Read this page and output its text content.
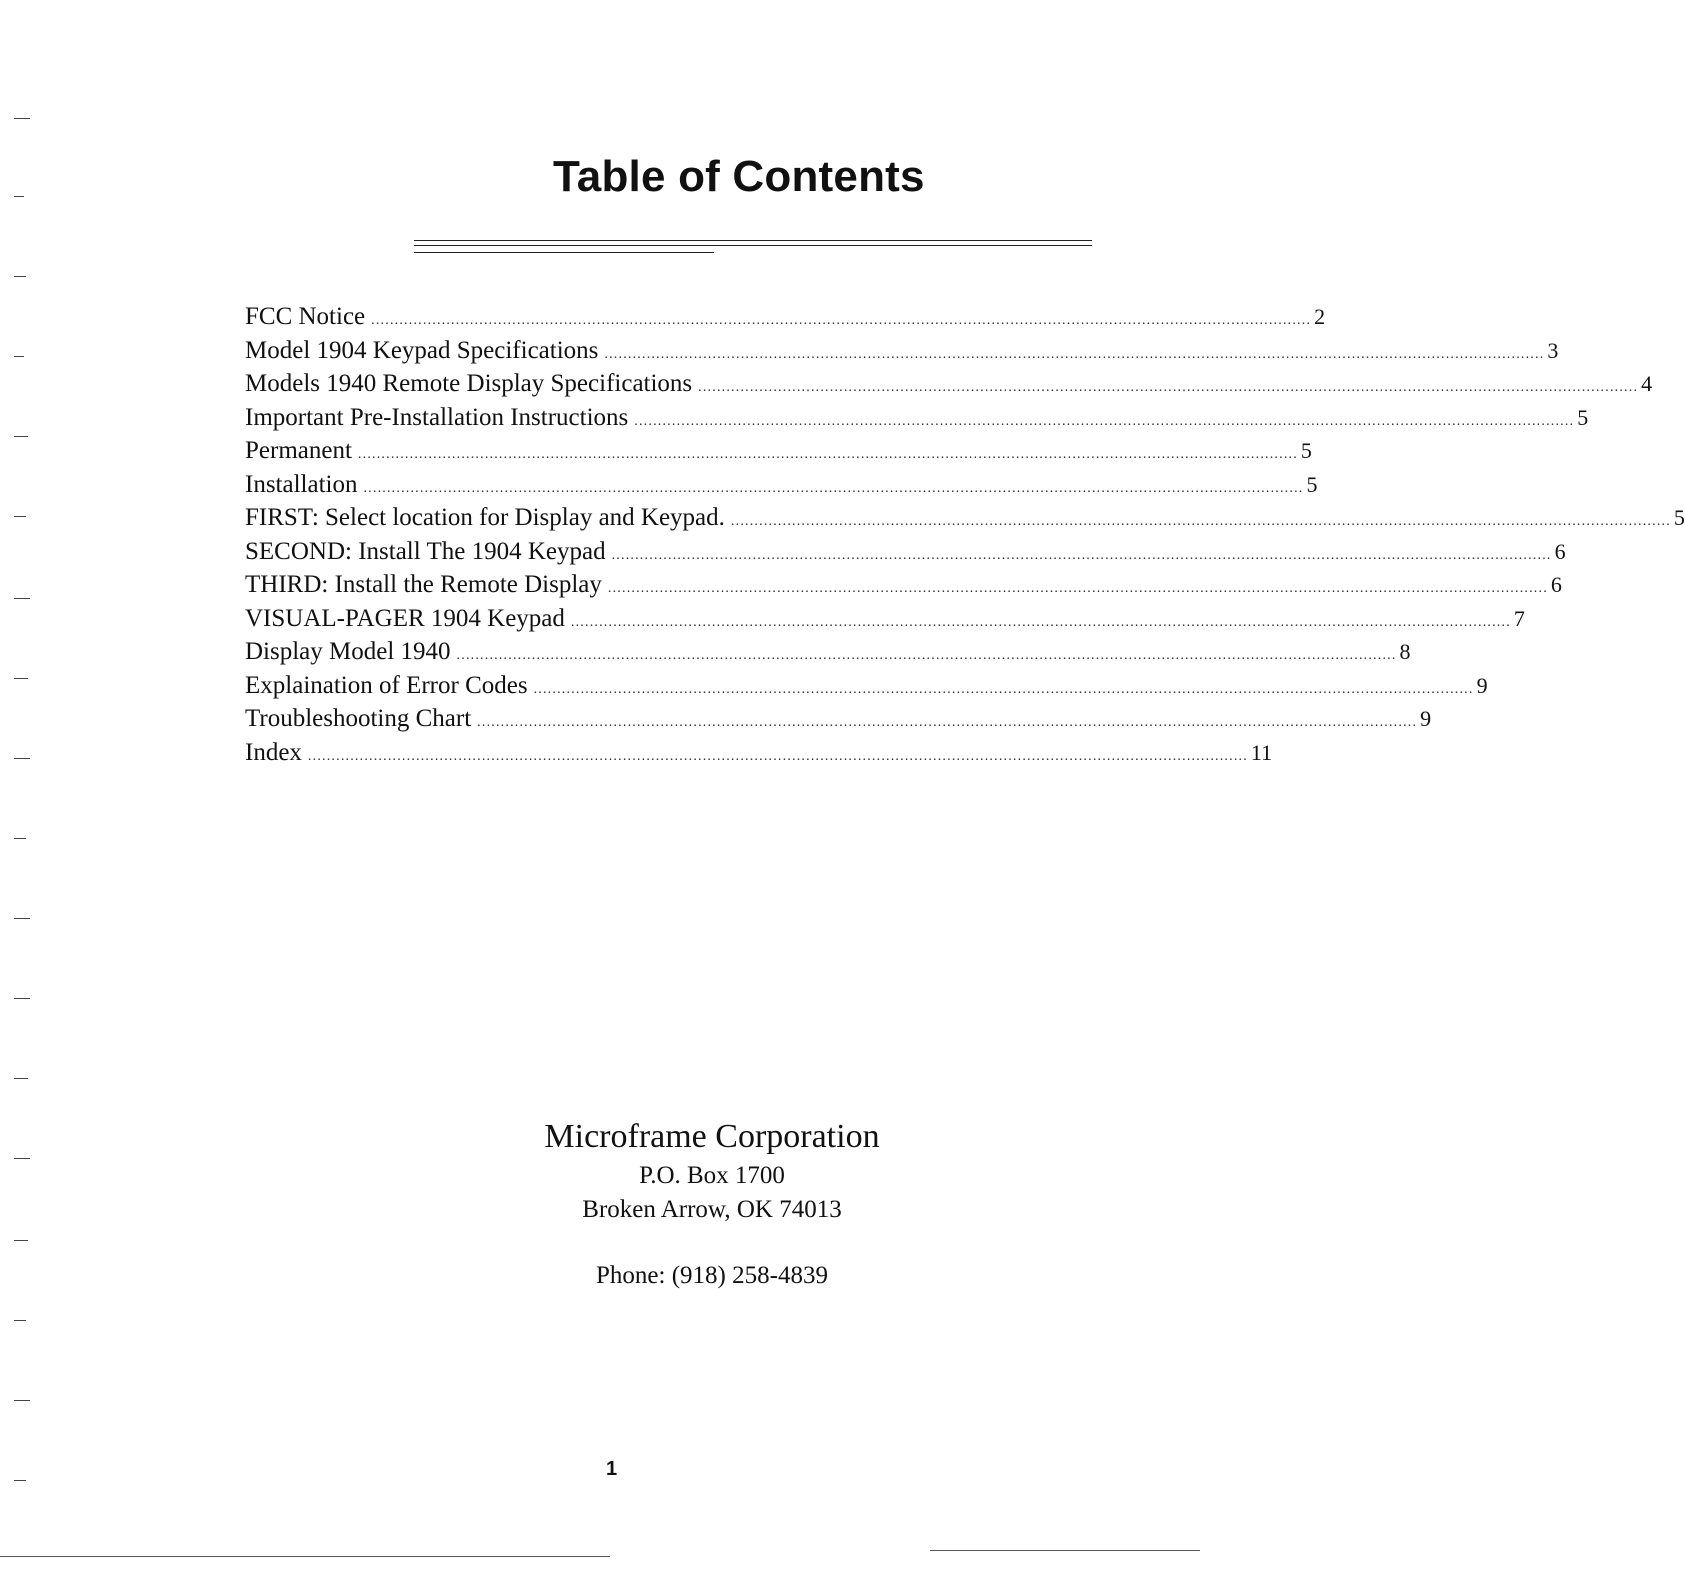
Table of Contents
FCC Notice ........................................................................................................................................................................................................ 2
Model 1904 Keypad Specifications ........................................................................................................................................................................................................ 3
Models 1940 Remote Display Specifications ........................................................................................................................................................................................................ 4
Important Pre-Installation Instructions ........................................................................................................................................................................................................ 5
Permanent ........................................................................................................................................................................................................ 5
Installation ........................................................................................................................................................................................................ 5
FIRST: Select location for Display and Keypad. ........................................................................................................................................................................................................ 5
SECOND: Install The 1904 Keypad ........................................................................................................................................................................................................ 6
THIRD: Install the Remote Display ........................................................................................................................................................................................................ 6
VISUAL-PAGER 1904 Keypad ........................................................................................................................................................................................................ 7
Display Model 1940 ........................................................................................................................................................................................................ 8
Explaination of Error Codes ........................................................................................................................................................................................................ 9
Troubleshooting Chart ........................................................................................................................................................................................................ 9
Index ........................................................................................................................................................................................................ 11
Microframe Corporation
P.O. Box 1700
Broken Arrow, OK 74013
Phone: (918) 258-4839
1
